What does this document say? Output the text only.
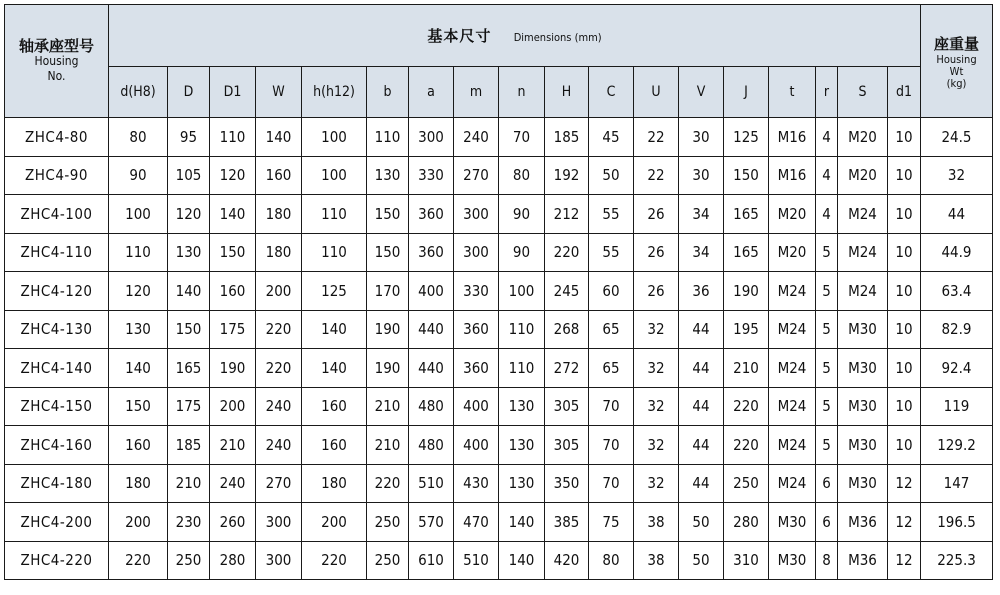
轴承座型号
Housing
No.	基本尺寸 Dimensions (mm)																		座重量
Housing
Wt
(kg)

	d(H8)	D	D1	W	h(h12)	b	a	m	n	H	C	U	V	J	t	r	S	d1	
ZHC4-80	80	95	110	140	100	110	300	240	70	185	45	22	30	125	M16	4	M20	10	24.5
ZHC4-90	90	105	120	160	100	130	330	270	80	192	50	22	30	150	M16	4	M20	10	32
ZHC4-100	100	120	140	180	110	150	360	300	90	212	55	26	34	165	M20	4	M24	10	44
ZHC4-110	110	130	150	180	110	150	360	300	90	220	55	26	34	165	M20	5	M24	10	44.9
ZHC4-120	120	140	160	200	125	170	400	330	100	245	60	26	36	190	M24	5	M24	10	63.4
ZHC4-130	130	150	175	220	140	190	440	360	110	268	65	32	44	195	M24	5	M30	10	82.9
ZHC4-140	140	165	190	220	140	190	440	360	110	272	65	32	44	210	M24	5	M30	10	92.4
ZHC4-150	150	175	200	240	160	210	480	400	130	305	70	32	44	220	M24	5	M30	10	119
ZHC4-160	160	185	210	240	160	210	480	400	130	305	70	32	44	220	M24	5	M30	10	129.2
ZHC4-180	180	210	240	270	180	220	510	430	130	350	70	32	44	250	M24	6	M30	12	147
ZHC4-200	200	230	260	300	200	250	570	470	140	385	75	38	50	280	M30	6	M36	12	196.5
ZHC4-220	220	250	280	300	220	250	610	510	140	420	80	38	50	310	M30	8	M36	12	225.3
